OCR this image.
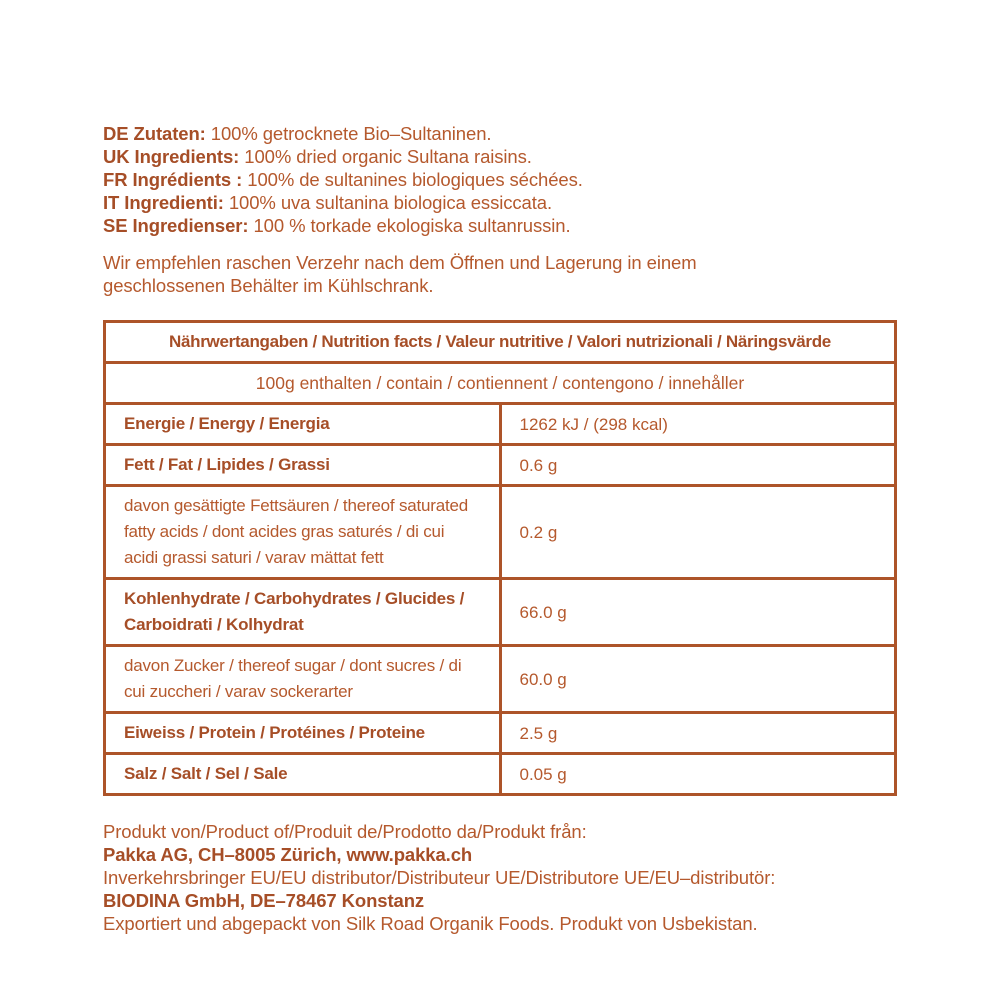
DE Zutaten: 100% getrocknete Bio–Sultaninen.
UK Ingredients: 100% dried organic Sultana raisins.
FR Ingrédients : 100% de sultanines biologiques séchées.
IT Ingredienti: 100% uva sultanina biologica essiccata.
SE Ingredienser: 100 % torkade ekologiska sultanrussin.

Wir empfehlen raschen Verzehr nach dem Öffnen und Lagerung in einem geschlossenen Behälter im Kühlschrank.

Nährwertangaben / Nutrition facts / Valeur nutritive / Valori nutrizionali / Näringsvärde	
100g enthalten / contain / contiennent / contengono / innehåller	
Energie / Energy / Energia	1262 kJ / (298 kcal)
Fett / Fat / Lipides / Grassi	0.6 g
davon gesättigte Fettsäuren / thereof saturated fatty acids / dont acides gras saturés / di cui acidi grassi saturi / varav mättat fett	0.2 g
Kohlenhydrate / Carbohydrates / Glucides / Carboidrati / Kolhydrat	66.0 g
davon Zucker / thereof sugar / dont sucres / di cui zuccheri / varav sockerarter	60.0 g
Eiweiss / Protein / Protéines / Proteine	2.5 g
Salz / Salt / Sel / Sale	0.05 g
Produkt von/Product of/Produit de/Prodotto da/Produkt från:
Pakka AG, CH–8005 Zürich, www.pakka.ch
Inverkehrsbringer EU/EU distributor/Distributeur UE/Distributore UE/EU–distributör:
BIODINA GmbH, DE–78467 Konstanz
Exportiert und abgepackt von Silk Road Organik Foods. Produkt von Usbekistan.
